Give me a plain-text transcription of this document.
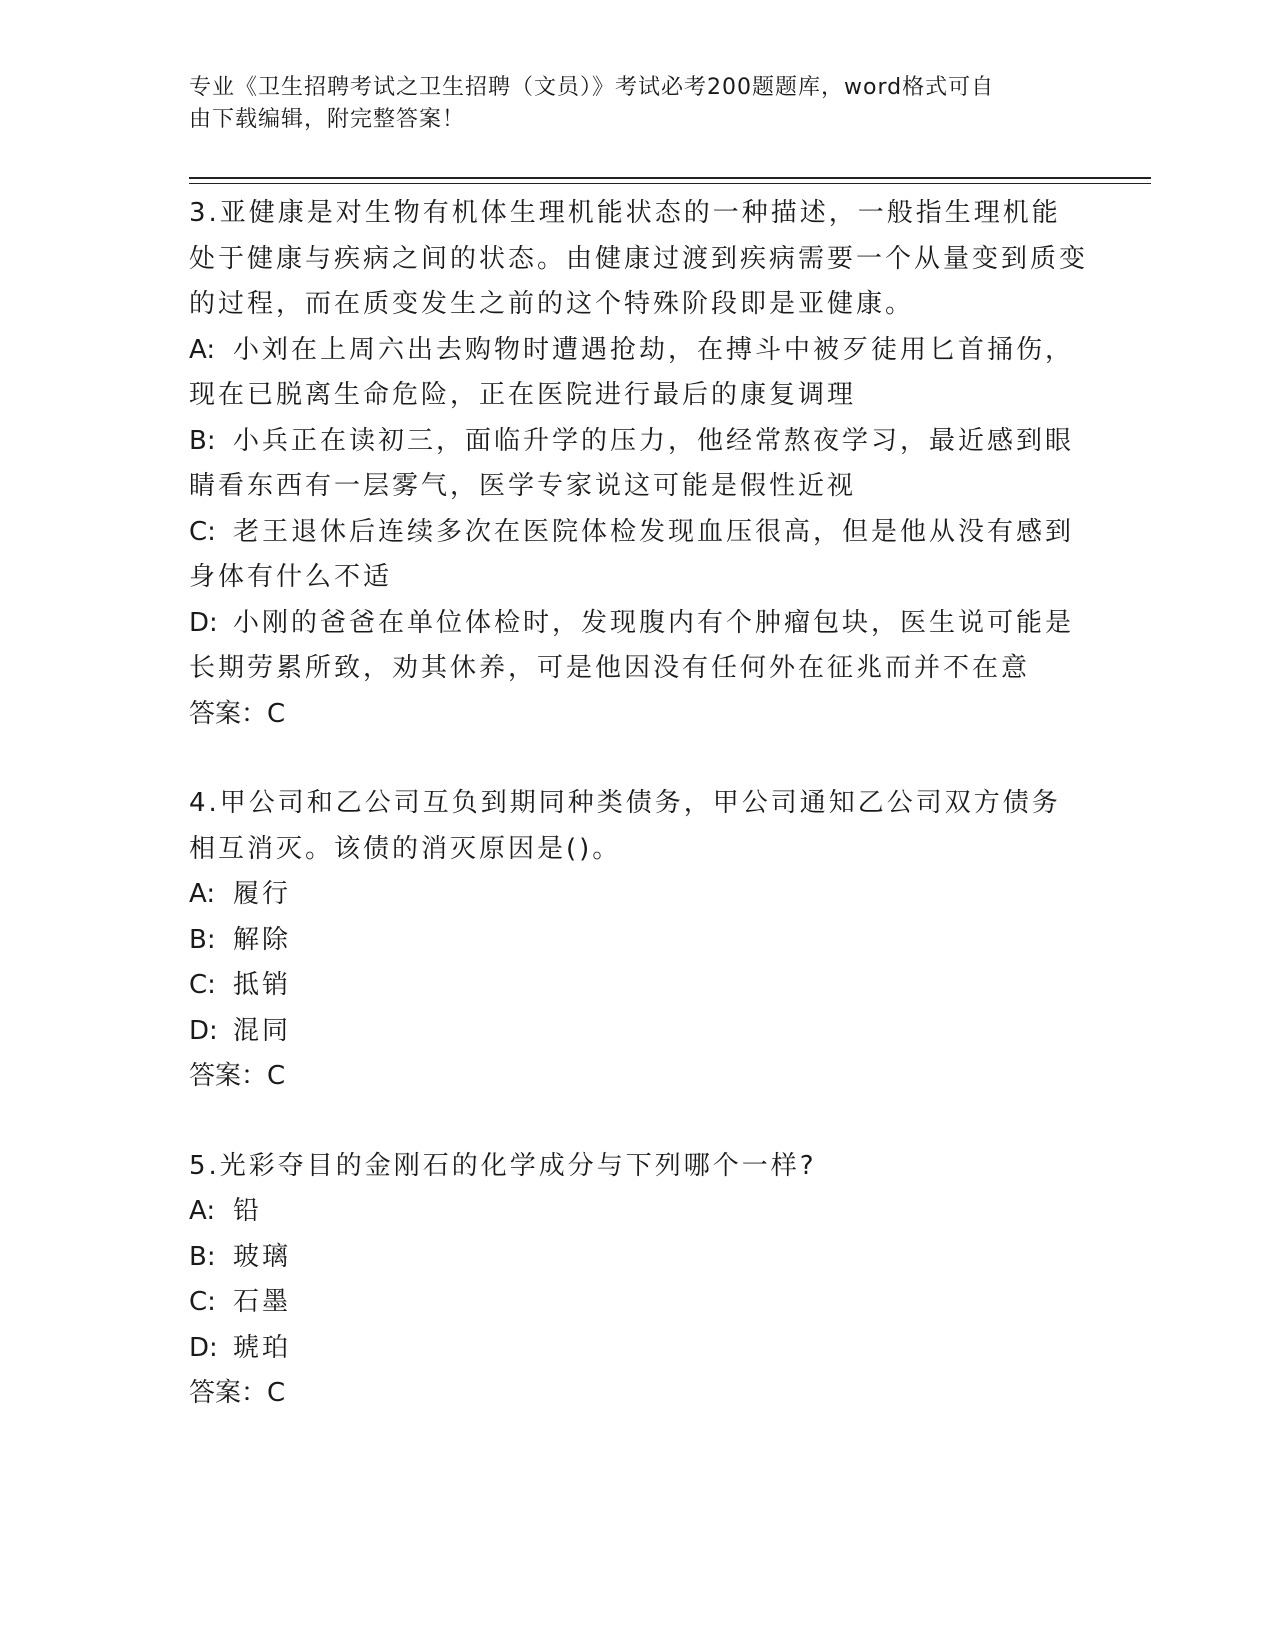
专业《卫生招聘考试之卫生招聘（文员）》考试必考200题题库，word格式可自
由下载编辑，附完整答案！

3.亚健康是对生物有机体生理机能状态的一种描述，一般指生理机能处于健康与疾病之间的状态。由健康过渡到疾病需要一个从量变到质变的过程，而在质变发生之前的这个特殊阶段即是亚健康。

A: 小刘在上周六出去购物时遭遇抢劫，在搏斗中被歹徒用匕首捅伤，现在已脱离生命危险，正在医院进行最后的康复调理

B: 小兵正在读初三，面临升学的压力，他经常熬夜学习，最近感到眼睛看东西有一层雾气，医学专家说这可能是假性近视

C: 老王退休后连续多次在医院体检发现血压很高，但是他从没有感到身体有什么不适

D: 小刚的爸爸在单位体检时，发现腹内有个肿瘤包块，医生说可能是长期劳累所致，劝其休养，可是他因没有任何外在征兆而并不在意

答案：C

4.甲公司和乙公司互负到期同种类债务，甲公司通知乙公司双方债务相互消灭。该债的消灭原因是()。

A: 履行

B: 解除

C: 抵销

D: 混同

答案：C

5.光彩夺目的金刚石的化学成分与下列哪个一样?

A: 铅

B: 玻璃

C: 石墨

D: 琥珀

答案：C
